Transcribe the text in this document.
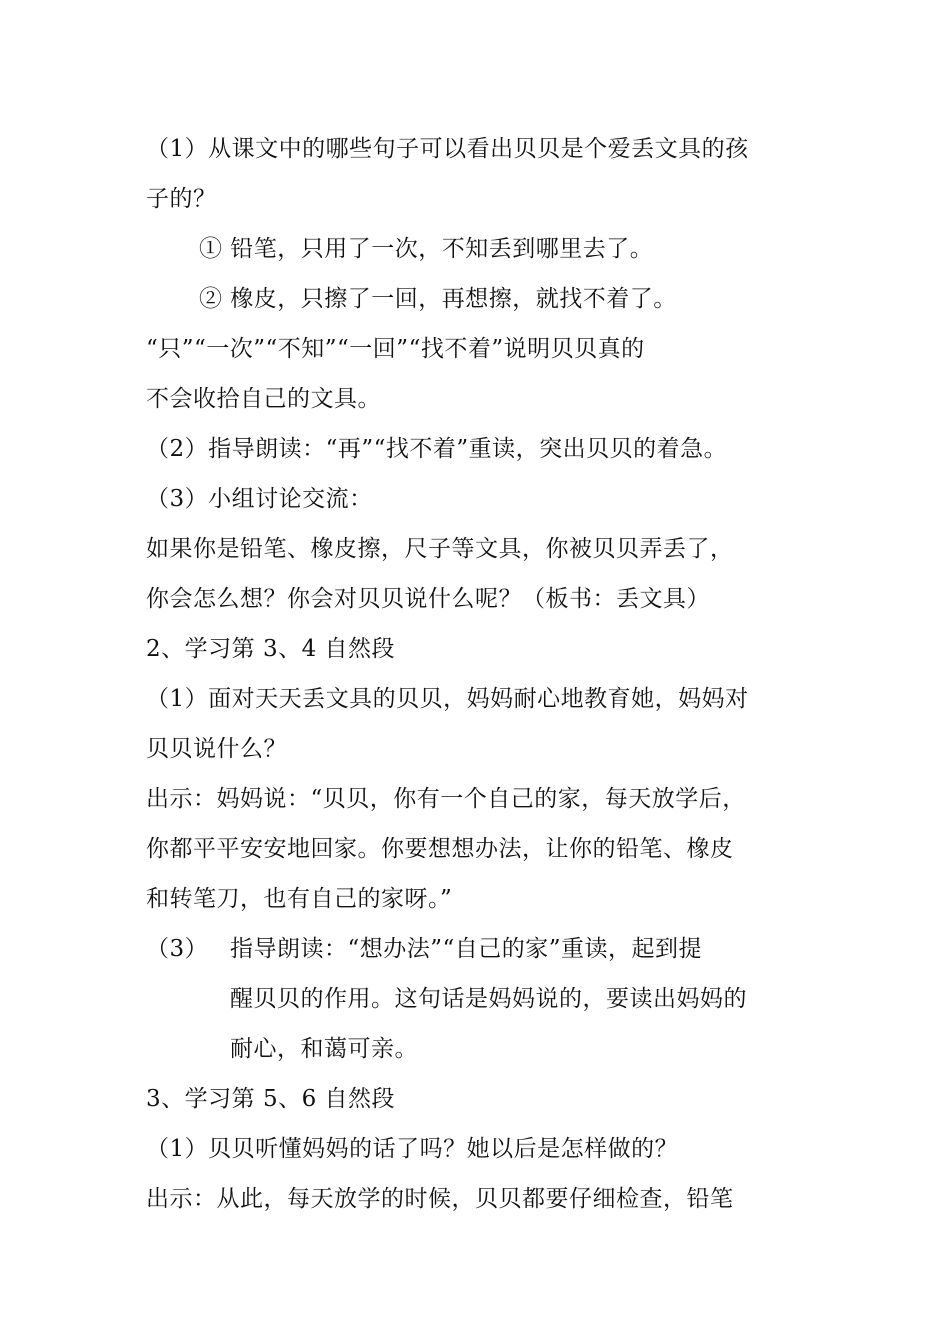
（1）从课文中的哪些句子可以看出贝贝是个爱丢文具的孩
子的？
① 铅笔，只用了一次，不知丢到哪里去了。
② 橡皮，只擦了一回，再想擦，就找不着了。
“只”“一次”“不知”“一回”“找不着”说明贝贝真的
不会收拾自己的文具。
（2）指导朗读：“再”“找不着”重读，突出贝贝的着急。
（3）小组讨论交流：
如果你是铅笔、橡皮擦，尺子等文具，你被贝贝弄丢了，
你会怎么想？你会对贝贝说什么呢？（板书：丢文具）
2、学习第 3、4 自然段
（1）面对天天丢文具的贝贝，妈妈耐心地教育她，妈妈对
贝贝说什么？
出示：妈妈说：“贝贝，你有一个自己的家，每天放学后，
你都平平安安地回家。你要想想办法，让你的铅笔、橡皮
和转笔刀，也有自己的家呀。”
（3） 指导朗读：“想办法”“自己的家”重读，起到提
醒贝贝的作用。这句话是妈妈说的，要读出妈妈的
耐心，和蔼可亲。
3、学习第 5、6 自然段
（1）贝贝听懂妈妈的话了吗？她以后是怎样做的？
出示：从此，每天放学的时候，贝贝都要仔细检查，铅笔
